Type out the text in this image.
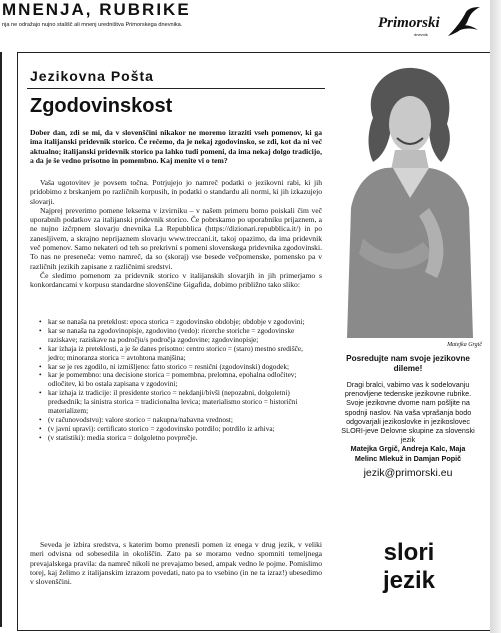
MNENJA, RUBRIKE
nja ne odražajo nujno stališč ali mnenj uredništva Primorskega dnevnika.	Primorski
dnevnik
Jezikovna Pošta
Zgodovinskost

Dober dan, zdi se mi, da v slovenščini nikakor ne moremo izraziti vseh pomenov, ki ga ima italijanski pridevnik storico. Če rečemo, da je nekaj zgodovinsko, se zdi, kot da ni več aktualno; italijanski pridevnik storico pa lahko tudi pomeni, da ima nekaj dolgo tradicijo, a da je še vedno prisotno in pomembno. Kaj menite vi o tem?

Vaša ugotovitev je povsem točna. Potrjujejo jo namreč podatki o jezikovni rabi, ki jih pridobimo z brskanjem po različnih korpusih, in podatki o standardu ali normi, ki jih izkazujejo slovarji.

Najprej preverimo pomene leksema v izvirniku – v našem primeru bomo poiskali čim več uporabnih podatkov za italijanski pridevnik storico. Če pobrskamo po uporabniku prijaznem, a ne nujno izčrpnem slovarju dnevnika La Repubblica (https://dizionari.repubblica.it/) in po zanesljivem, a skrajno neprijaznem slovarju www.treccani.it, takoj opazimo, da ima pridevnik več pomenov. Samo nekateri od teh so prekrivni s pomeni slovenskega pridevnika zgodovinski. To nas ne preseneča: vemo namreč, da so (skoraj) vse besede večpomenske, pomensko pa v različnih jezikih zapisane z različnimi sredstvi.

Če sledimo pomenom za pridevnik storico v italijanskih slovarjih in jih primerjamo s konkordancami v korpusu standardne slovenščine Gigafida, dobimo približno tako sliko:

• kar se nanaša na preteklost: epoca storica = zgodovinsko obdobje; obdobje v zgodovini;
• kar se nanaša na zgodovinopisje, zgodovino (vedo): ricerche storiche = zgodovinske raziskave; raziskave na področju/s področja zgodovine; zgodovinopisje;
• kar izhaja iz preteklosti, a je še danes prisotno: centro storico = (staro) mestno središče, jedro; minoranza storica = avtohtona manjšina;
• kar se je res zgodilo, ni izmišljeno: fatto storico = resnični (zgodovinski) dogodek;
• kar je pomembno: una decisione storica = pomembna, prelomna, epohalna odločitev; odločitev, ki bo ostala zapisana v zgodovini;
• kar izhaja iz tradicije: il presidente storico = nekdanji/bivši (nepozabni, dolgoletni) predsednik; la sinistra storica = tradicionalna levica; materialismo storico = historični materializem;
• (v računovodstvu): valore storico = nakupna/nabavna vrednost;
• (v javni upravi): certificato storico = zgodovinsko potrdilo; potrdilo iz arhiva;
• (v statistiki): media storica = dolgoletno povprečje.

Seveda je izbira sredstva, s katerim bomo prenesli pomen iz enega v drug jezik, v veliki meri odvisna od sobesedila in okoliščin. Zato pa se moramo vedno spomniti temeljnega prevajalskega pravila: da namreč nikoli ne prevajamo besed, ampak vedno le pojme. Pomislimo torej, kaj želimo z italijanskim izrazom povedati, nato pa to vsebino (in ne ta izraz!) ubesedimo v slovenščini.

Matejka Grgič
Posredujte nam svoje jezikovne dileme!
Dragi bralci, vabimo vas k sodelovanju prenovljene tedenske jezikovne rubrike. Svoje jezikovne dvome nam pošljite na spodnji naslov. Na vaša vprašanja bodo odgovarjali jezikoslovke in jezikoslovec SLORI-jeve Delovne skupine za slovenski jezik
Matejka Grgič, Andreja Kalc, Maja Melinc Mlekuž in Damjan Popič
jezik@primorski.eu
slori
jezik
